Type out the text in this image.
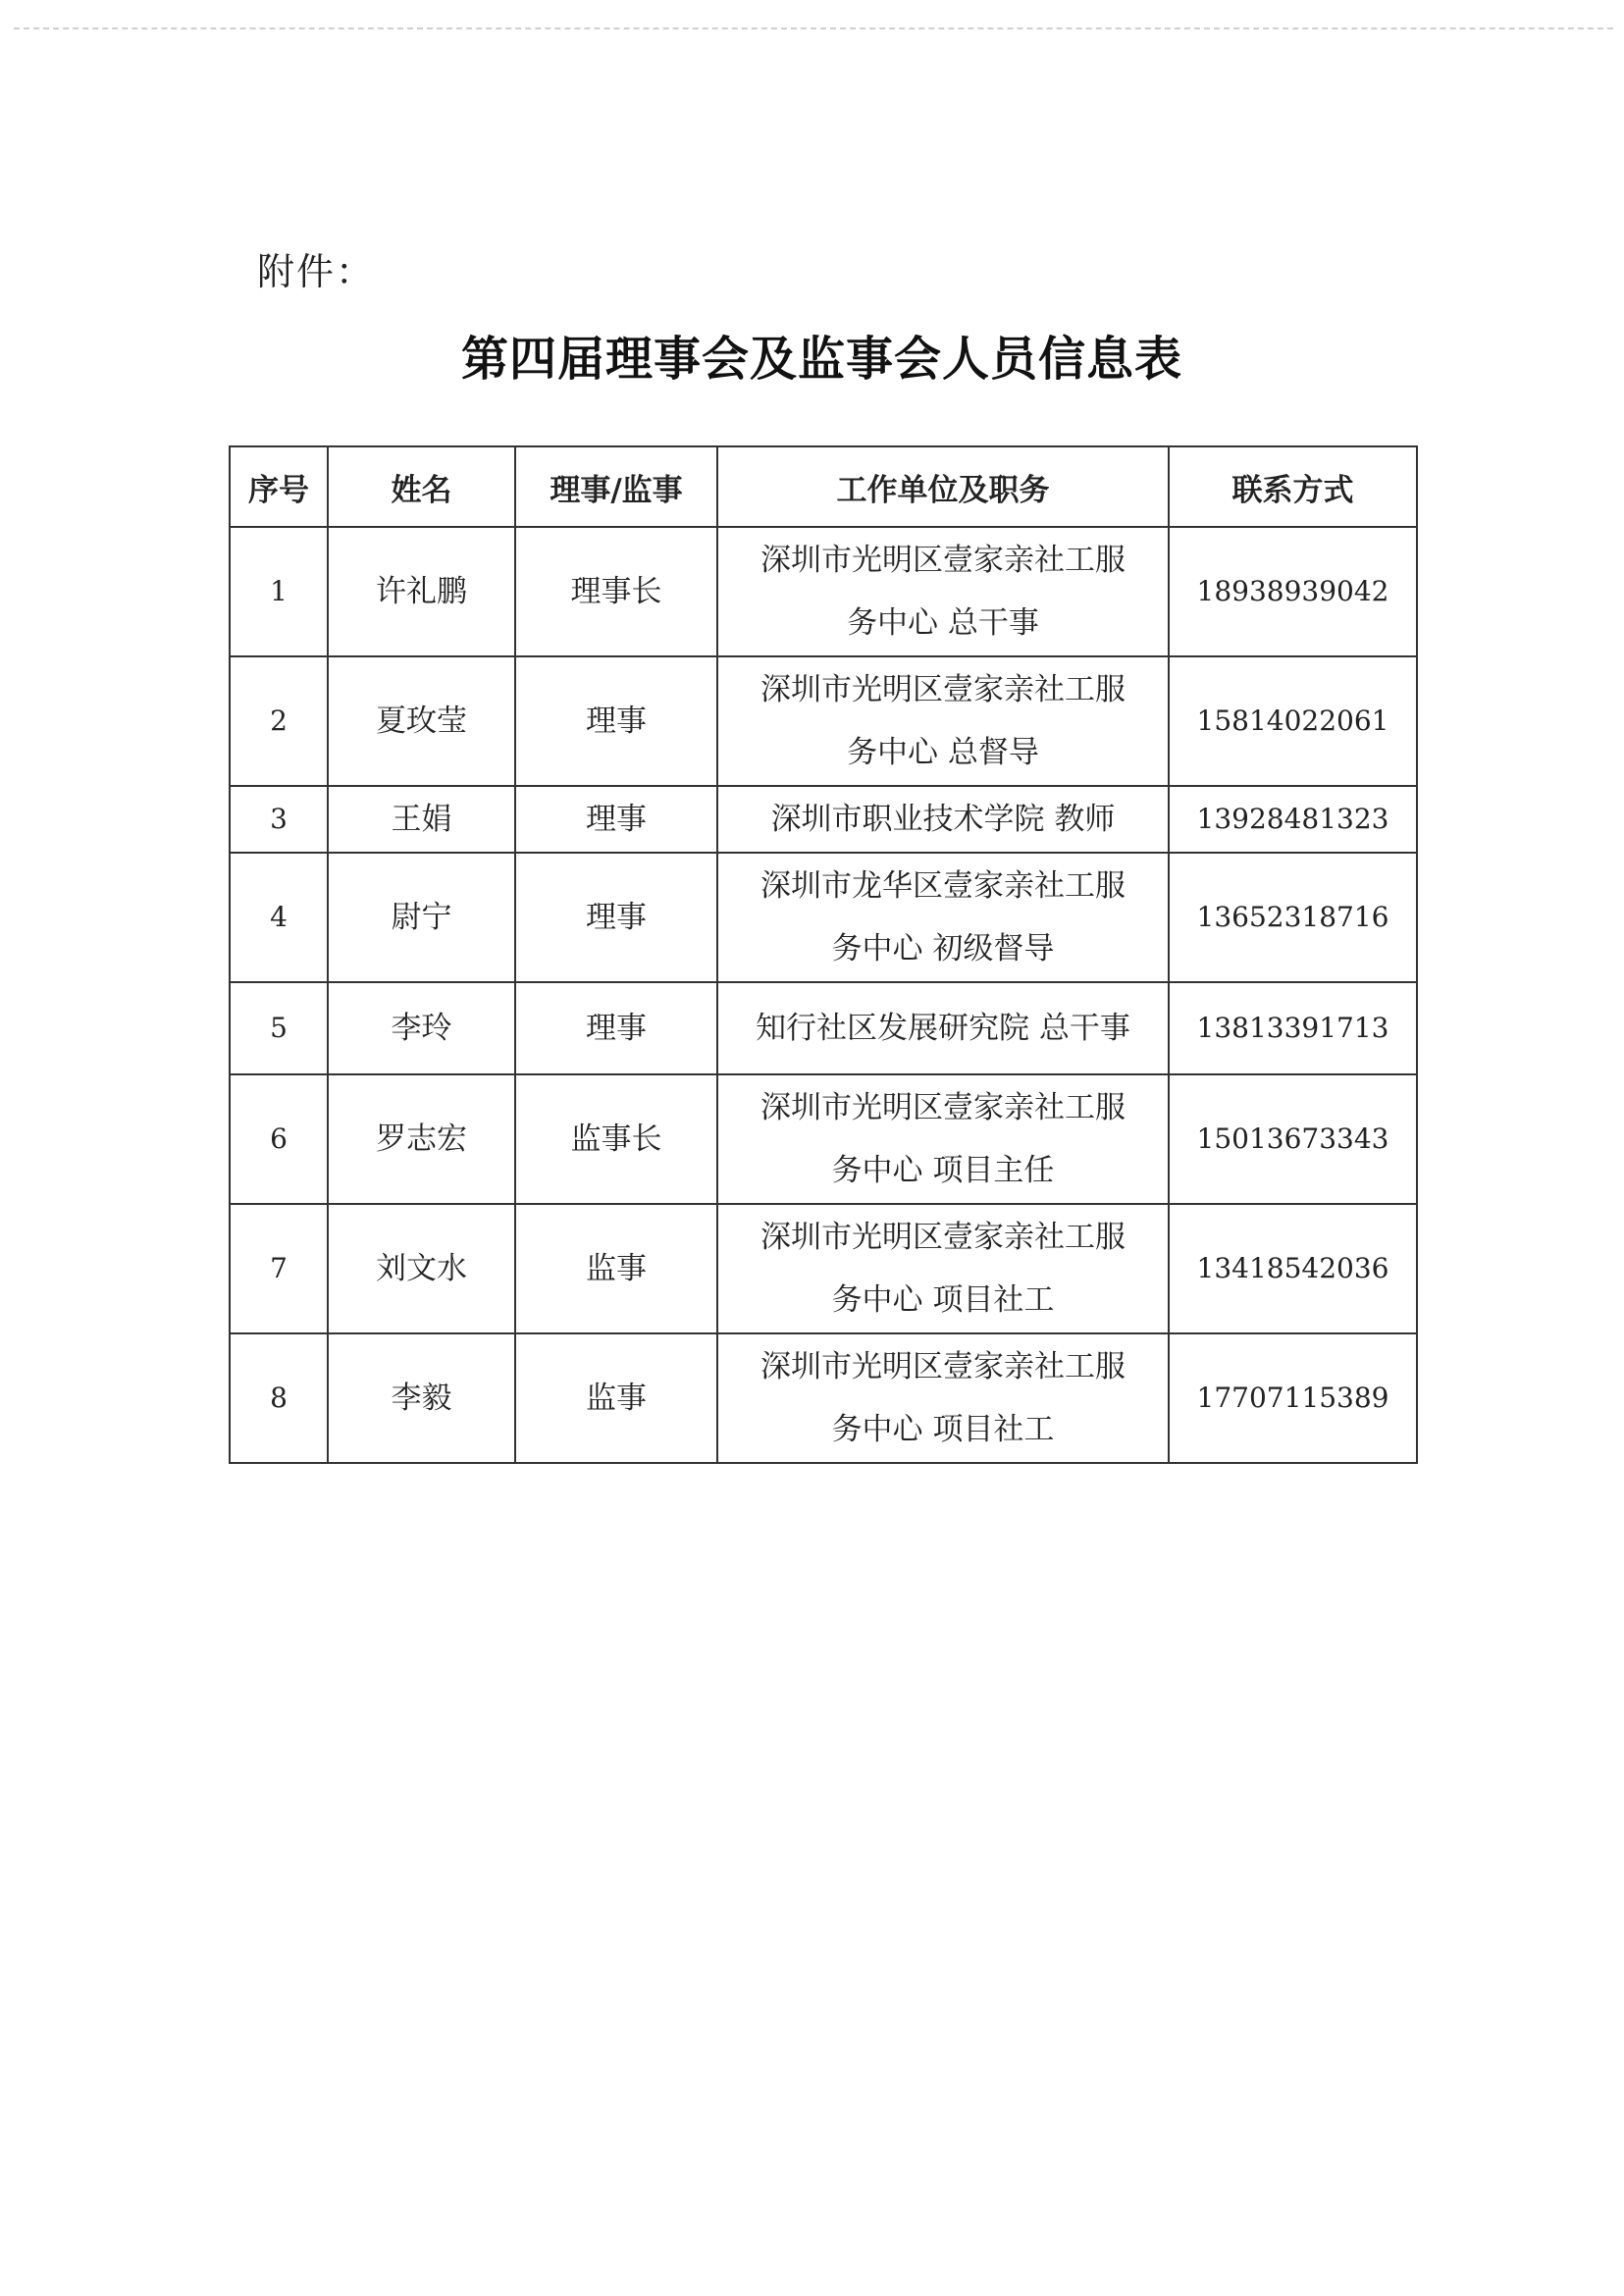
附件：
第四届理事会及监事会人员信息表
序号	姓名	理事/监事	工作单位及职务	联系方式
1	许礼鹏	理事长	深圳市光明区壹家亲社工服
务中心 总干事	18938939042
2	夏玫莹	理事	深圳市光明区壹家亲社工服
务中心 总督导	15814022061
3	王娟	理事	深圳市职业技术学院 教师	13928481323
4	尉宁	理事	深圳市龙华区壹家亲社工服
务中心 初级督导	13652318716
5	李玲	理事	知行社区发展研究院 总干事	13813391713
6	罗志宏	监事长	深圳市光明区壹家亲社工服
务中心 项目主任	15013673343
7	刘文水	监事	深圳市光明区壹家亲社工服
务中心 项目社工	13418542036
8	李毅	监事	深圳市光明区壹家亲社工服
务中心 项目社工	17707115389
